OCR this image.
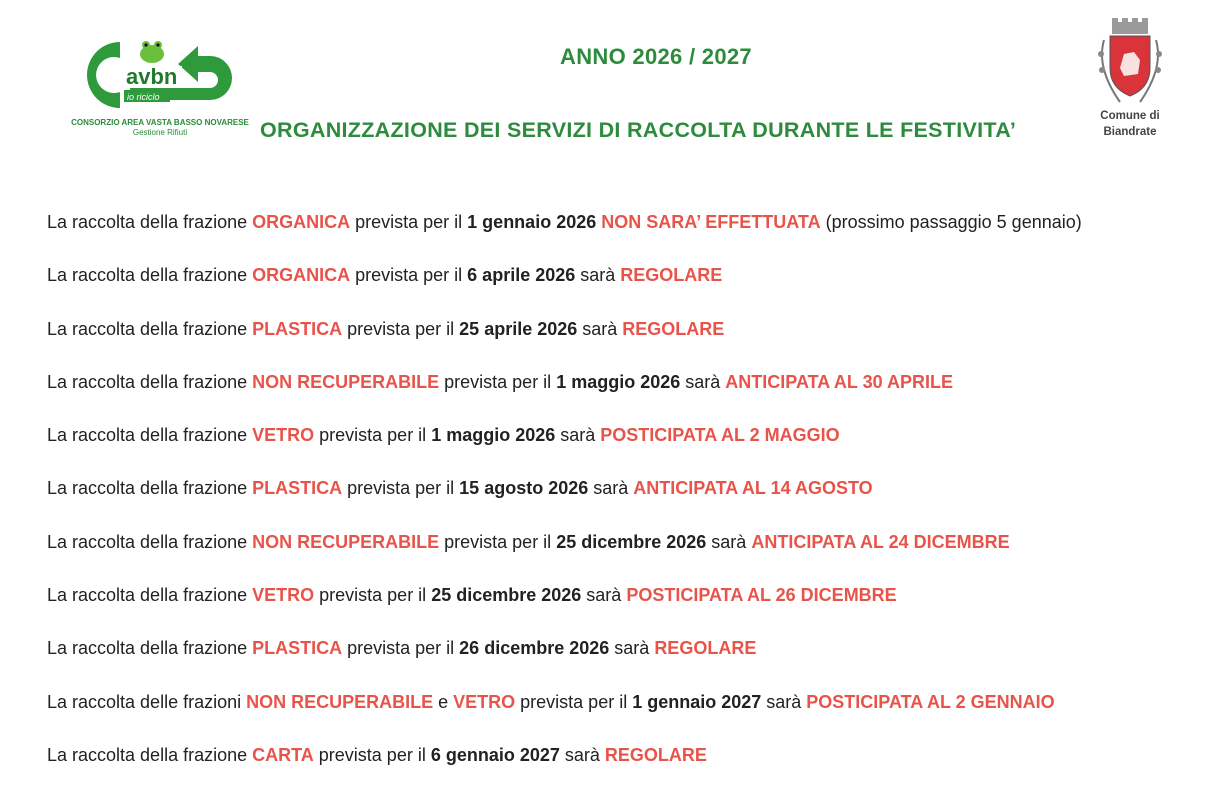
avbn
io riciclo
CONSORZIO AREA VASTA BASSO NOVARESE
Gestione Rifiuti
ANNO 2026 / 2027
ORGANIZZAZIONE DEI SERVIZI DI RACCOLTA DURANTE LE FESTIVITA’
Comune di
Biandrate
La raccolta della frazione ORGANICA prevista per il 1 gennaio 2026 NON SARA’ EFFETTUATA (prossimo passaggio 5 gennaio)
La raccolta della frazione ORGANICA prevista per il 6 aprile 2026 sarà REGOLARE
La raccolta della frazione PLASTICA prevista per il 25 aprile 2026 sarà REGOLARE
La raccolta della frazione NON RECUPERABILE prevista per il 1 maggio 2026 sarà ANTICIPATA AL 30 APRILE
La raccolta della frazione VETRO prevista per il 1 maggio 2026 sarà POSTICIPATA AL 2 MAGGIO
La raccolta della frazione PLASTICA prevista per il 15 agosto 2026 sarà ANTICIPATA AL 14 AGOSTO
La raccolta della frazione NON RECUPERABILE prevista per il 25 dicembre 2026 sarà ANTICIPATA AL 24 DICEMBRE
La raccolta della frazione VETRO prevista per il 25 dicembre 2026 sarà POSTICIPATA AL 26 DICEMBRE
La raccolta della frazione PLASTICA prevista per il 26 dicembre 2026 sarà REGOLARE
La raccolta delle frazioni NON RECUPERABILE e VETRO prevista per il 1 gennaio 2027 sarà POSTICIPATA AL 2 GENNAIO
La raccolta della frazione CARTA prevista per il 6 gennaio 2027 sarà REGOLARE
